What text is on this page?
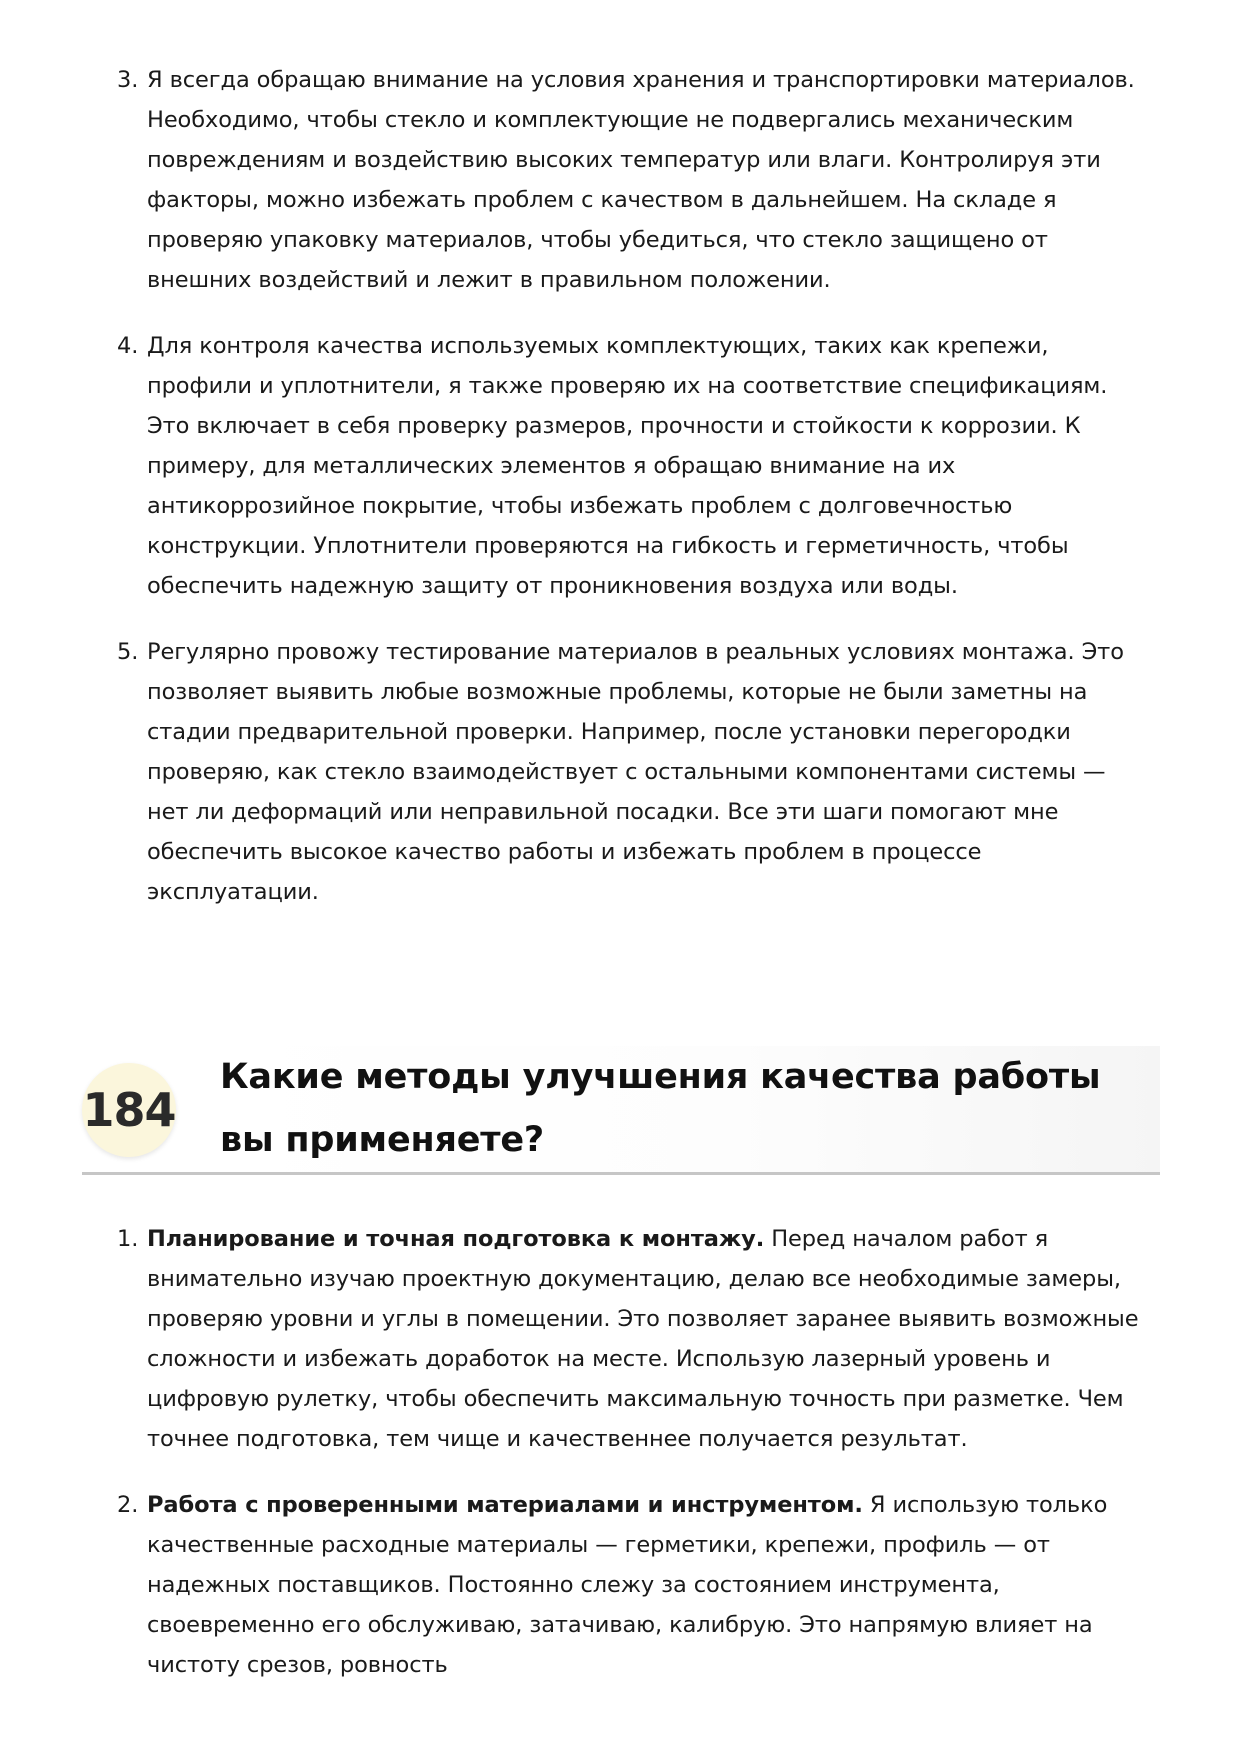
3. Я всегда обращаю внимание на условия хранения и транспортировки материалов. Необходимо, чтобы стекло и комплектующие не подвергались механическим повреждениям и воздействию высоких температур или влаги. Контролируя эти факторы, можно избежать проблем с качеством в дальнейшем. На складе я проверяю упаковку материалов, чтобы убедиться, что стекло защищено от внешних воздействий и лежит в правильном положении.
4. Для контроля качества используемых комплектующих, таких как крепежи, профили и уплотнители, я также проверяю их на соответствие спецификациям. Это включает в себя проверку размеров, прочности и стойкости к коррозии. К примеру, для металлических элементов я обращаю внимание на их антикоррозийное покрытие, чтобы избежать проблем с долговечностью конструкции. Уплотнители проверяются на гибкость и герметичность, чтобы обеспечить надежную защиту от проникновения воздуха или воды.
5. Регулярно провожу тестирование материалов в реальных условиях монтажа. Это позволяет выявить любые возможные проблемы, которые не были заметны на стадии предварительной проверки. Например, после установки перегородки проверяю, как стекло взаимодействует с остальными компонентами системы — нет ли деформаций или неправильной посадки. Все эти шаги помогают мне обеспечить высокое качество работы и избежать проблем в процессе эксплуатации.
184
Какие методы улучшения качества работы вы применяете?
1. Планирование и точная подготовка к монтажу. Перед началом работ я внимательно изучаю проектную документацию, делаю все необходимые замеры, проверяю уровни и углы в помещении. Это позволяет заранее выявить возможные сложности и избежать доработок на месте. Использую лазерный уровень и цифровую рулетку, чтобы обеспечить максимальную точность при разметке. Чем точнее подготовка, тем чище и качественнее получается результат.
2. Работа с проверенными материалами и инструментом. Я использую только качественные расходные материалы — герметики, крепежи, профиль — от надежных поставщиков. Постоянно слежу за состоянием инструмента, своевременно его обслуживаю, затачиваю, калибрую. Это напрямую влияет на чистоту срезов, ровность
